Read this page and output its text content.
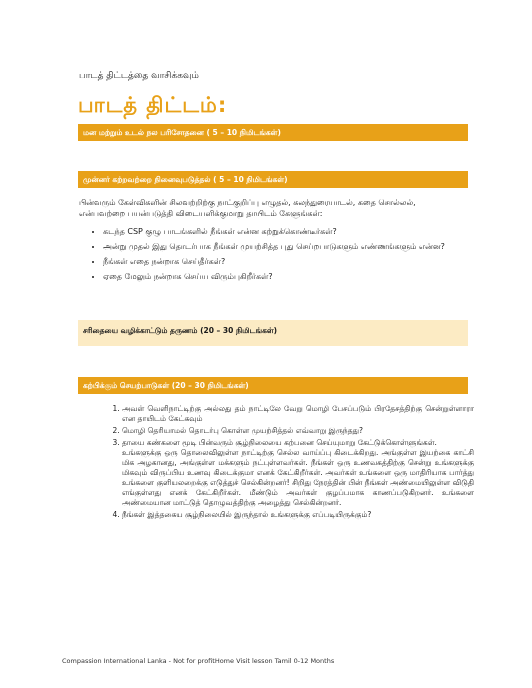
பாடத் திட்டத்தை வாசிக்கவும்
பாடத் திட்டம்:
மன மற்றும் உடல் நல பரிசோதனை ( 5 – 10 நிமிடங்கள்)
முன்னர் கற்றவற்றை நினைவுபடுத்தல் ( 5 – 10 நிமிடங்கள்)
பின்வரும் கேள்விகளின் சிலவற்றிற்கு நாட்குறிப்பு எழுதல், கலந்துரையாடல், கதை சொல்லல், என்பவற்றை பயன்படுத்தி விடையளிக்குமாறு தாயிடம் கேளுங்கள்:
• கடந்த CSP குழு பாடங்களில் நீங்கள் என்ன கற்றுக்கொண்டீர்கள்?
• அன்று முதல் இது தொடர்பாக நீங்கள் முயற்சித்த புது செய்றபாடுகளும் எண்ணங்களும் என்ன?
• நீங்கள் எதை நன்றாக செய்தீர்கள்?
• ஏதை மேலும் நன்றாக செய்ய விரும்புகிறீர்கள்?
சரிதையை வழிக்காட்டும் தருணம் (20 – 30 நிமிடங்கள்)
கற்பிக்கும் செயற்பாடுகள் (20 – 30 நிமிடங்கள்)
1. அவள் வெளிநாட்டிற்கு அல்லது தம் நாட்டிலே வேறு மொழி பேசப்படும் பிரதேசத்திற்கு சென்றுள்ளாரா என தாயிடம் கேட்கவும்
2. மொழி தெரியாமல் தொடர்பு கொள்ள முயற்சித்தல் எவ்வாறு இருந்தது?
3. தாயை கண்களை மூடி பின்வரும் சூழ்நிலையை கற்பனை செய்யுமாறு கேட்டுக்கொள்ளுங்கள்.
உங்களுக்கு ஒரு தொலைவிலுள்ள நாட்டிற்கு செல்ல வாய்ப்பு கிடைக்கிறது. அங்குள்ள இயற்கை காட்சி மிக அழகானது, அங்குள்ள மக்களும் நட்புள்ளவர்கள். நீங்கள் ஒரு உணவகத்திற்கு சென்று உங்களுக்கு மிகவும் விருப்பிய உணவு கிடைக்குமா எனக் கேட்கிறீர்கள். அவர்கள் உங்களை ஒரு மாதிரியாக பார்த்து உங்களை குளியலறைக்கு எடுத்துச் செல்கின்றனர்! சிறிது நேரத்தின் பின் நீங்கள் அண்மையிலுள்ள விடுதி எங்குள்ளது எனக் கேட்கிறீர்கள். மீண்டும் அவர்கள் குழப்பமாக காணப்படுகிறனர். உங்களை அண்மையான மாட்டுத் தொழுவத்திற்கு அழைத்து செல்கின்றனர்.
4. நீங்கள் இத்தகைய சூழ்நிலையில் இருந்தால் உங்களுக்கு எப்படியிருக்கும்?
Compassion International Lanka - Not for profitHome Visit lesson Tamil 0-12 Months
